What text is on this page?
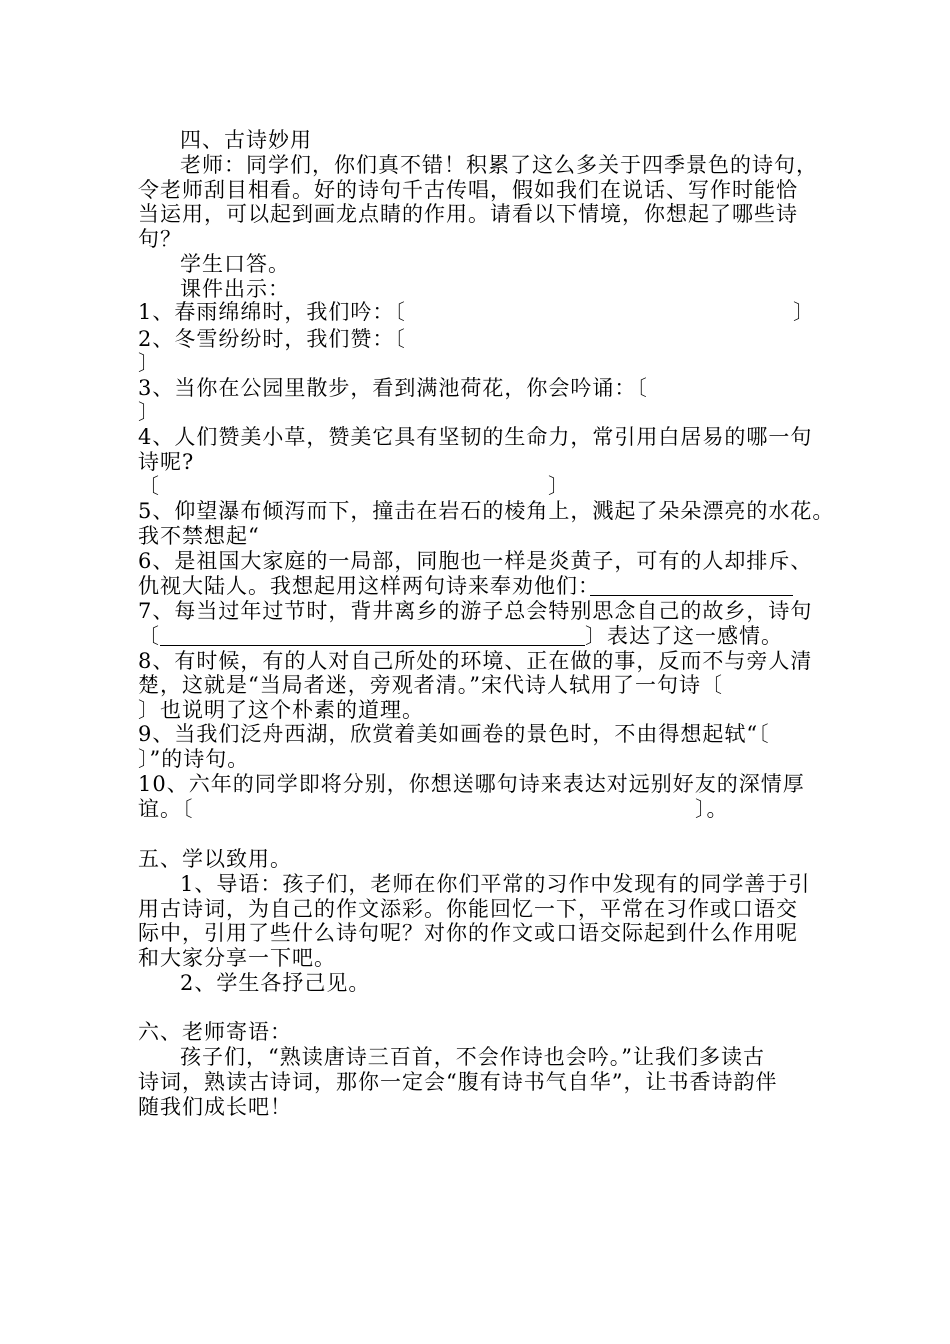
四、古诗妙用
老师：同学们，你们真不错！积累了这么多关于四季景色的诗句，
令老师刮目相看。好的诗句千古传唱，假如我们在说话、写作时能恰
当运用，可以起到画龙点睛的作用。请看以下情境，你想起了哪些诗
句？
学生口答。
课件出示：
1、春雨绵绵时，我们吟：〔	〕
2、冬雪纷纷时，我们赞：〔
〕
3、当你在公园里散步，看到满池荷花，你会吟诵：〔
〕
4、人们赞美小草，赞美它具有坚韧的生命力，常引用白居易的哪一句
诗呢?
〔	〕
5、仰望瀑布倾泻而下，撞击在岩石的棱角上，溅起了朵朵漂亮的水花。
我不禁想起“
6、是祖国大家庭的一局部，同胞也一样是炎黄子，可有的人却排斥、
仇视大陆人。我想起用这样两句诗来奉劝他们：
7、每当过年过节时，背井离乡的游子总会特别思念自己的故乡，诗句
〔	〕表达了这一感情。
8、有时候，有的人对自己所处的环境、正在做的事，反而不与旁人清
楚，这就是“当局者迷，旁观者清。”宋代诗人轼用了一句诗〔
〕也说明了这个朴素的道理。
9、当我们泛舟西湖，欣赏着美如画卷的景色时，不由得想起轼“〔
〕”的诗句。
10、六年的同学即将分别，你想送哪句诗来表达对远别好友的深情厚
谊。〔	〕。
五、学以致用。
1、导语：孩子们，老师在你们平常的习作中发现有的同学善于引
用古诗词，为自己的作文添彩。你能回忆一下，平常在习作或口语交
际中，引用了些什么诗句呢？对你的作文或口语交际起到什么作用呢
和大家分享一下吧。
2、学生各抒己见。
六、老师寄语：
孩子们，“熟读唐诗三百首，不会作诗也会吟。”让我们多读古
诗词，熟读古诗词，那你一定会“腹有诗书气自华”，让书香诗韵伴
随我们成长吧！
